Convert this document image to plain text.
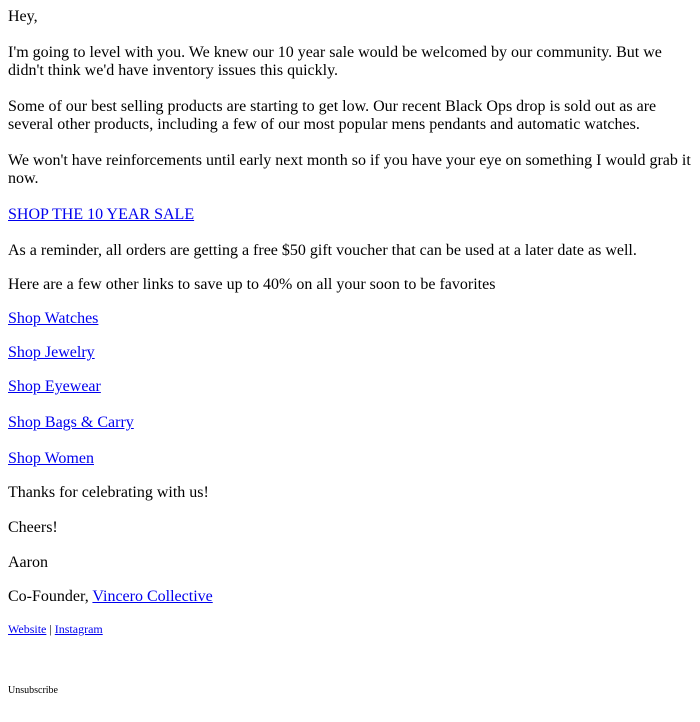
Hey,

I'm going to level with you. We knew our 10 year sale would be welcomed by our community. But we didn't think we'd have inventory issues this quickly.

Some of our best selling products are starting to get low. Our recent Black Ops drop is sold out as are several other products, including a few of our most popular mens pendants and automatic watches.

We won't have reinforcements until early next month so if you have your eye on something I would grab it now.

SHOP THE 10 YEAR SALE

As a reminder, all orders are getting a free $50 gift voucher that can be used at a later date as well.

Here are a few other links to save up to 40% on all your soon to be favorites

Shop Watches

Shop Jewelry

Shop Eyewear

Shop Bags & Carry

Shop Women

Thanks for celebrating with us!

Cheers!

Aaron

Co-Founder, Vincero Collective

Website | Instagram

Unsubscribe
